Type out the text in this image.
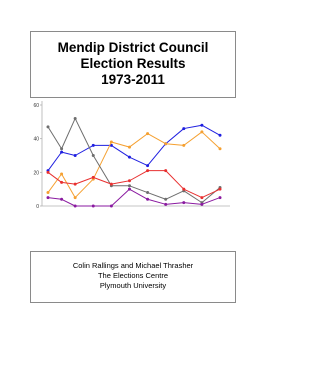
Mendip District Council
Election Results
1973-2011
0
20
40
60
Colin Rallings and Michael Thrasher
The Elections Centre
Plymouth University
